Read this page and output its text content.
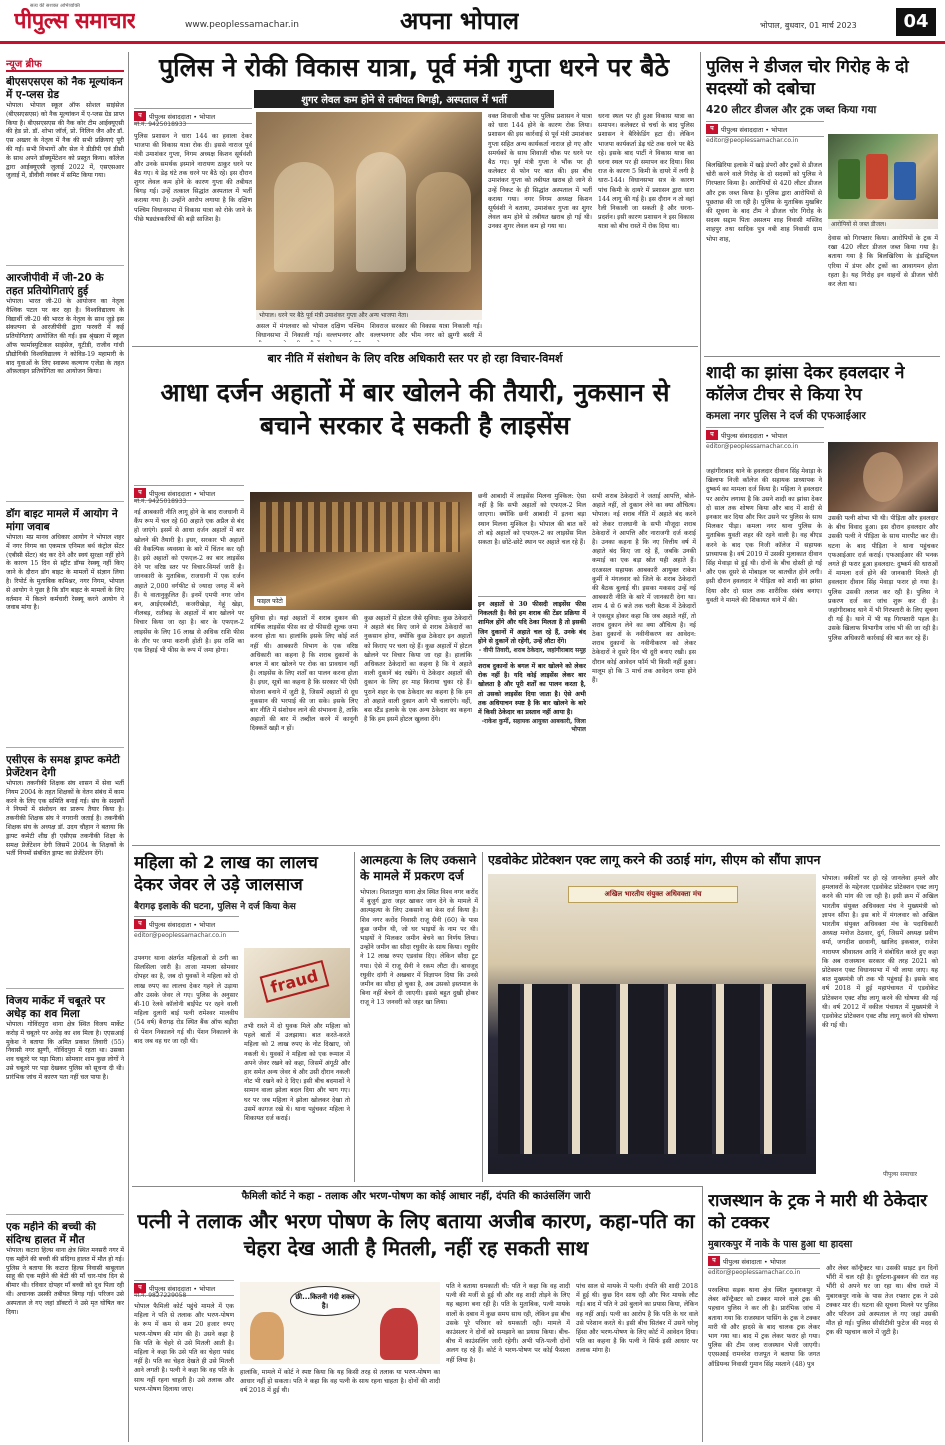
सत्य की सशक्त अभिव्यक्ति
पीपुल्स समाचार	www.peoplessamachar.in	अपना भोपाल	भोपाल, बुधवार, 01 मार्च 2023	04
न्यूज ब्रीफ
बीएसएसएस को नैक मूल्यांकन में ए-प्लस ग्रेड
भोपाल। भोपाल स्कूल ऑफ सोशल साइंसेज (बीएसएसएस) को नैक मूल्यांकन में ए-प्लस ग्रेड प्राप्त किया है। बीएसएसएस की नैक कोर टीम आईक्यूएसी की हेड प्रो. डॉ. शोभा जॉर्ज, प्रो. निलिन जैन और डॉ. एस अख्तर के नेतृत्व में नैक की सभी प्रक्रियाएं पूरी की गईं। सभी विभागों और सेल ने डीडीपी एवं डीसी के साथ अपने डॉक्यूमेंटेशन को प्रस्तुत किया। कॉलेज द्वारा आईक्यूएसी जुलाई 2022 में, एसएसआर जुलाई में, डीवीवी नवंबर में समिट किया गया।
आरजीपीवी में जी-20 के तहत प्रतियोगिताएं हुई
भोपाल। भारत जी-20 के आयोजन का नेतृत्व वैश्विक पटल पर कर रहा है। विश्वविद्यालय के विद्यार्थी जी-20 की भारत के नेतृत्व के साथ जुड़े इस संकल्पना से आरजीपीवी द्वारा फरवरी में कई प्रतियोगिताएं आयोजित की गईं। इस श्रृंखला में स्कूल ऑफ फार्मास्युटिकल साइंसेज, यूटीडी, राजीव गांधी प्रौद्योगिकी विश्वविद्यालय ने कोविड-19 महामारी के बाद युवाओं के लिए स्वास्थ्य कल्याण एजेंडा के तहत ऑफ़लाइन प्रतियोगिता का आयोजन किया।
डॉग बाइट मामले में आयोग ने मांगा जवाब
भोपाल। मप्र मानव अधिकार आयोग ने भोपाल शहर में नगर निगम का एकमात्र एनिमल बर्थ कंट्रोल सेंटर (एबीसी सेंटर) बंद कर देने और स्वयं सुरक्षा नहीं होने के कारण 15 दिन से स्ट्रीट डॉग्स रेस्क्यू नहीं किए जाने के दौरान डॉग बाइट के मामलों में संज्ञान लिया है। रिपोर्ट के मुताबिक कमिश्नर, नगर निगम, भोपाल से आयोग ने पूछा है कि डॉग बाइट के मामलों के लिए वर्तमान में कितने कर्मचारी रेस्क्यू करने आयोग ने जवाब मांगा है।
एसीएस के समक्ष ड्राफ्ट कमेटी प्रेजेंटेशन देगी
भोपाल। तकनीकी शिक्षक संघ शासन में सेवा भर्ती नियम 2004 के तहत शिक्षकों के वेतन संबंध में काम करने के लिए एक समिति बनाई गई। संघ के सदस्यों ने नियमों में संशोधन का प्रारूप तैयार किया है। तकनीकी शिक्षक संघ ने नगरानी जताई है। तकनीकी शिक्षक संघ के अध्यक्ष डॉ. उदय चौहान ने बताया कि ड्राफ्ट कमेटी शीघ्र ही एसीएस तकनीकी शिक्षा के समक्ष प्रेजेंटेशन देगी जिसमें 2004 के शिक्षकों के भर्ती नियमों संबंधित ड्राफ्ट का प्रेजेंटेशन देंगे।
विजय मार्केट में चबूतरे पर अधेड़ का शव मिला
भोपाल। गोविंदपुरा थाना क्षेत्र स्थित विजय मार्केट करोड़ में चबूतरे पर अधेड़ का शव मिला है। एएसआई मुकेश ने बताया कि अमित प्रकाश तिवारी (55) निवासी नगर झुग्गी, गोविंदपुरा में रहता था। उसका शव चबूतरे पर पड़ा मिला। सोमवार शाम कुछ लोगों ने उसे चबूतरे पर पड़ा देखकर पुलिस को सूचना दी थी। प्रारंभिक जांच में कारण पता नहीं चल पाया है।
एक महीने की बच्ची की संदिग्ध हालत में मौत
भोपाल। कटारा हिल्स थाना क्षेत्र स्थित मनसरी नगर में एक महीने की बच्ची की संदिग्ध हालत में मौत हो गई। पुलिस ने बताया कि कटारा हिल्स निवासी बाबूलाल साहू की एक महीने की बेटी की माँ चार-पांच दिन से बीमार थी। रविवार दोपहर माँ बच्ची को दूध पिला रही थी। अचानक उसकी तबीयत बिगड़ गई। परिजन उसे अस्पताल ले गए जहां डॉक्टरों ने उसे मृत घोषित कर दिया।
पुलिस ने रोकी विकास यात्रा, पूर्व मंत्री गुप्ता धरने पर बैठे
शुगर लेवल कम होने से तबीयत बिगड़ी, अस्पताल में भर्ती
प	पीपुल्स संवाददाता • भोपाल
मो.नं. 9425018933
पुलिस प्रशासन ने धारा 144 का हवाला देकर भाजपा की विकास यात्रा रोक दी। इससे नाराज पूर्व मंत्री उमाशंकर गुप्ता, निगम अध्यक्ष किशन सूर्यवंशी और उनके समर्थक इस्माने नारायण ठाकुर धरने पर बैठ गए। ये डेढ़ घंटे तक धरने पर बैठे रहे। इस दौरान शुगर लेवल कम होने के कारण गुप्ता की तबीयत बिगड़ गई। उन्हें तत्काल सिद्धांत अस्पताल में भर्ती कराया गया है। उन्होंने आरोप लगाया है कि दक्षिण पश्चिम विधानसभा में विकास यात्रा को रोके जाने के पीछे षड्यंत्रकारियों की बड़ी साजिश है।
भोपाल। धरने पर बैठे पूर्व मंत्री उमाशंकर गुप्ता और अन्य भाजपा नेता।
असल में मंगलवार को भोपाल दक्षिण पश्चिम विधानसभा में निकाली गई। वल्लभनगर और
शिवराज सरकार की विकास यात्रा निकाली गई। वल्लभनगर और भीम नगर को झुग्गी बस्ती में
वक्त शिवाजी चौक पर पुलिस प्रशासन ने यात्रा को धारा 144 होने के कारण रोक लिया। प्रशासन की इस कार्रवाई से पूर्व मंत्री उमाशंकर गुप्ता सहित अन्य कार्यकर्ता नाराज हो गए और समर्थकों के साथ शिवाजी चौक पर धरने पर बैठ गए। पूर्व मंत्री गुप्ता ने भौंक पर ही कलेक्टर से फोन पर बात की। इस बीच उमाशंकर गुप्ता को तबीयत खराब हो जाने से उन्हें निकट के ही सिद्धांत अस्पताल में भर्ती कराया गया। नगर निगम अध्यक्ष किशन सूर्यवंशी ने बताया, उमाशंकर गुप्ता का शुगर लेवल कम होने से तबीयत खराब हो गई थी। उनका शुगर लेवल कम हो गया था।
धरना स्थल पर ही हुआ विकास यात्रा का समापन। कलेक्टर से चर्चा के बाद पुलिस प्रशासन ने बैरिकेडिंग हटा दी। लेकिन भाजपा कार्यकर्ता डेढ़ घंटे तक धरने पर बैठे रहे। इसके बाद पार्टी ने विकास यात्रा का धरना स्थल पर ही समापन कर दिया। विस राज के कारण 5 किमी के दायरे में लगी है धारा-144। विधानसभा सत्र के कारण पांच किमी के दायरे में प्रशासन द्वारा धारा 144 लागू की गई है। इस दौरान न तो वहां रैली निकाली जा सकती है और धरना-प्रदर्शन। इसी कारण प्रशासन ने इस विकास यात्रा को बीच रास्ते में रोक दिया था।
पुलिस ने डीजल चोर गिरोह के दो सदस्यों को दबोचा
420 लीटर डीजल और ट्रक जब्त किया गया
प	पीपुल्स संवाददाता • भोपाल
editor@peoplessamachar.co.in
बिलखिरिया इलाके में खड़े डंपरों और ट्रकों से डीजल चोरी करने वाले गिरोह के दो सदस्यों को पुलिस ने गिरफ्तार किया है। आरोपियों से 420 लीटर डीजल और ट्रक जब्त किया है। पुलिस द्वारा आरोपियों से पूछताछ की जा रही है। पुलिस के मुताबिक मुखबिर की सूचना के बाद टीम ने डीजल चोर गिरोह के सदस्य सद्दाम पिता असलम शाह निवासी मस्जिद शाहपुर तथा सादिक पुत्र नबी शाह निवासी ग्राम भोपा शाह,
आरोपियों से जब्त डीजल।
देवास को गिरफ्तार किया। आरोपियों के ट्रक में रखा 420 लीटर डीजल जब्त किया गया है। बताया गया है कि बिलखिरिया के इंडस्ट्रियल एरिया में डंपर और ट्रकों का आवागमन होता रहता है। यह गिरोह इन वाहनों से डीजल चोरी कर लेता था।
शादी का झांसा देकर हवलदार ने कॉलेज टीचर से किया रेप
कमला नगर पुलिस ने दर्ज की एफआईआर
प	पीपुल्स संवाददाता • भोपाल
editor@peoplessamachar.co.in
जहांगीराबाद थाने के हवलदार दीवान सिंह मेवाड़ा के खिलाफ निजी कॉलेज की सहायक प्राध्यापक ने दुष्कर्म का मामला दर्ज किया है। महिला ने हवलदार पर आरोप लगाया है कि उसने शादी का झांसा देकर दो साल तक शोषण किया और बाद में शादी से इनकार कर दिया और फिर उसने पर पुलिस के साथ मिलकर पीड़ा। कमला नगर थाना पुलिस के मुताबिक युवती शहर की रहने वाली है। वह बीएड करने के बाद एक निजी कॉलेज में सहायक प्राध्यापक है। वर्ष 2019 में उसकी मुलाकात दीवान सिंह मेवाड़ा से हुई थी। दोनों के बीच दोस्ती हो गई और एक दूसरे से मोबाइल पर बातचीत होने लगी। इसी दौरान हवलदार ने पीड़िता को शादी का झांसा दिया और दो साल तक शारीरिक संबंध बनाए। युवती ने मामले की शिकायत थाने में की।
उसकी पत्नी शोभा भी थी। पीड़िता और हवलदार के बीच विवाद हुआ। इस दौरान हवलदार और उसकी पत्नी ने पीड़िता के साथ मारपीट कर दी। घटना के बाद पीड़िता ने थाना पहुंचकर एफआईआर दर्ज कराई। एफआईआर की भनक लगते ही फरार हुआ हवलदार: दुष्कर्म की धाराओं में मामला दर्ज होने की जानकारी मिलते ही हवलदार दीवान सिंह मेवाड़ा फरार हो गया है। पुलिस उसकी तलाश कर रही है। पुलिस ने प्रकरण दर्ज कर जांच शुरू कर दी है। जहांगीराबाद थाने में भी गिरफ्तारी के लिए सूचना दी गई है। थाने में भी यह गिरफ्तारी पहल है। उसके खिलाफ विभागीय जांच भी की जा रही है। पुलिस अधिकारी कार्रवाई की बात कर रहे हैं।
बार नीति में संशोधन के लिए वरिष्ठ अधिकारी स्तर पर हो रहा विचार-विमर्श
आधा दर्जन अहातों में बार खोलने की तैयारी, नुकसान से बचाने सरकार दे सकती है लाइसेंस
प	पीपुल्स संवाददाता • भोपाल
मो.नं. 9425018933
नई आबकारी नीति लागू होने के बाद राजधानी में कैंप रूप में चल रहे 60 अहाते एक अप्रैल से बंद हो जाएंगे। इसमें से आधा दर्जन अहातों में बार खोलने की तैयारी है। इधर, सरकार भी अहातों की वैकल्पिक व्यवस्था के बारे में चिंतन कर रही है। इसे अहातों को एफएल-2 का बार लाइसेंस देने पर वरिष्ठ स्तर पर विचार-विमर्श जारी है। जानकारी के मुताबिक, राजधानी में एक दर्जन अहाते 2,000 वर्गफीट से ज्यादा जगह में बने हैं। ये वातानुकूलित हैं। इनमें एमपी नगर जोन बन, आईएसबीटी, कजरीखेड़ा, गेहूं खेड़ा, नीलबड़, रातीबड़ के अहातों में बार खोलने पर विचार किया जा रहा है। बार के एफएल-2 लाइसेंस के लिए 16 लाख से अधिक राशि फीस के तौर पर जमा करानी होती है। इस राशि का एक तिहाई भी फीस के रूप में जमा होगा।
फाइल फोटो
सुविधा हो। यहां अहातों में शराब दुकान की वार्षिक लाइसेंस फीस का दो फीसदी शुल्क जमा करना होता था। हालांकि इसके लिए कोई शर्त नहीं थी। आबकारी विभाग के एक वरिष्ठ अधिकारी का कहना है कि शराब दुकानों के बगल में बार खोलने पर रोक का प्रावधान नहीं है। लाइसेंस के लिए शर्तों का पालन करना होता है। इधर, सूत्रों का कहना है कि सरकार भी ऐसी योजना बनाने में जुटी है, जिसमें अहातों से दूध नुकसान की भरपाई की जा सके। इसके लिए बार नीति में संशोधन लाने की संभावना है, ताकि अहातों की बार में तब्दील करने में कानूनी दिक्कतें खड़ी न हों।
कुछ अहातों में होटल जैसे सुविधा: कुछ ठेकेदारों ने अहाते बंद किए जाने से शराब ठेकेदारों का नुकसान होगा, क्योंकि कुछ ठेकेदार इन अहातों को किराए पर चला रहे हैं। कुछ अहातों में होटल खोलने पर विचार किया जा रहा है। हालांकि अधिकतर ठेकेदारों का कहना है कि ये अहाते वाली दुकानें बंद रखेंगे। ये ठेकेदार अहातों की दुकान के लिए हर माह किराया चुका रहे हैं। पुराने शहर के एक ठेकेदार का कहना है कि हम तो अहाते वाली दुकान आगे भी चलाएंगे। वहीं, बस स्टैंड इलाके के एक अन्य ठेकेदार का कहना है कि हम इसमें होटल खुलवा देंगे।
छनी आबादी में लाइसेंस मिलना मुश्किल: ऐसा नहीं है कि सभी अहातों को एफएल-2 मिल जाएगा। क्योंकि छनी आबादी में इतना बड़ा स्थान मिलना मुश्किल है। भोपाल की बात करें तो बड़े अहातों को एफएल-2 का लाइसेंस मिल सकता है। छोटे-छोटे स्थान पर अहाते चल रहे हैं।
इन अहातों से 30 फीसदी लाइसेंस फीस निकलती है। वैसे हम शराब की टेंडर प्रक्रिया में शामिल होंगे और यदि ठेका मिलता है तो इसकी जिन दुकानों में अहाते चल रहे हैं, उनके बंद होने से दुकानें तो रहेंगी, उन्हें लौटा देंगे।
- वीपी तिवारी, शराब ठेकेदार, जहांगीराबाद समूह
शराब दुकानों के बगल में बार खोलने को लेकर रोक नहीं है। यदि कोई लाइसेंस लेकर बार खोलता है और पूरी शर्तों का पालन करता है, तो उसको लाइसेंस दिया जाता है। ऐसे अभी तक अधियाचन स्पष्ट है कि बार खोलने के बारे में किसी ठेकेदार का प्रस्ताव नहीं आया है।
-राकेश कुर्मी, सहायक आयुक्त आबकारी, जिला भोपाल
सभी शराब ठेकेदारों ने जताई आपत्ति, बोले- अहाते नहीं, तो दुकान लेने का क्या औचित्य। भोपाल। नई शराब नीति में अहाते बंद करने को लेकर राजधानी के सभी मौजूदा शराब ठेकेदारों ने आपत्ति और नाराजगी दर्ज कराई है। उनका कहना है कि नए वित्तीय वर्ष में अहाते बंद किए जा रहे हैं, जबकि उनकी कमाई का एक बड़ा स्रोत यही अहाते हैं। दरअसल सहायक आबकारी आयुक्त राकेश कुर्मी ने मंगलवार को जिले के शराब ठेकेदारों की बैठक बुलाई थी। इसका मकसद उन्हें नई आबकारी नीति के बारे में जानकारी देना था। शाम 4 से 6 बजे तक चली बैठक में ठेकेदारों ने एकसूत्र होकर कहा कि जब अहाते नहीं, तो शराब दुकान लेने का क्या औचित्य है। नई ठेका दुकानों के नवीनीकरण का आवेदन: शराब दुकानों के नवीनीकरण को लेकर ठेकेदारों ने दूसरे दिन भी दूरी बनाए रखी। इस दौरान कोई आवेदन फॉर्म भी किसी नहीं हुआ। मालूम हो कि 3 मार्च तक आवेदन जमा होने हैं।
महिला को 2 लाख का लालच देकर जेवर ले उड़े जालसाज
बैरागढ़ इलाके की घटना, पुलिस ने दर्ज किया केस
प	पीपुल्स संवाददाता • भोपाल
editor@peoplessamachar.co.in
उपनगर थाना अंतर्गत महिलाओं से ठगी का सिलसिला जारी है। ताजा मामला सोमवार दोपहर का है, जब दो युवकों ने महिला को दो लाख रुपए का लालच देकर गहने ले उड़ाया और उसके जेवर ले गए। पुलिस के अनुसार बी-10 रेलवे कॉलोनी बाईंपेट पर रहने वाली महिला दुलारी बाई पत्नी रामेश्वर मालवीय (54 वर्ष) बैरागढ़ रोड स्थित बैंक ऑफ बड़ौदा से पेंशन निकालने गई थी। पेंशन निकालने के बाद जब वह घर जा रही थी।
fraud
तभी रास्ते में दो युवक मिले और महिला को पहले बातों में उलझाया। बात करते-करते महिला को 2 लाख रुपए के नोट दिखाए, जो नकली थे। युवकों ने महिला को एक रूमाल में अपने जेवर रखने को कहा, जिसमें अंगूठी और हार समेत अन्य जेवर थे और उसी दौरान नकली नोट भी रखने को दे दिए। इसी बीच बदमाशों ने सामान वाला झोला बदल दिया और भाग गए। घर पर जब महिला ने झोला खोलकर देखा तो उसमें कागज रखे थे। थाना पहुंचकर महिला ने शिकायत दर्ज कराई।
आत्महत्या के लिए उकसाने के मामले में प्रकरण दर्ज
भोपाल। निशातपुरा थाना क्षेत्र स्थित विश्व नगर करोंद में बुजुर्ग द्वारा जहर खाकर जान देने के मामले में आत्महत्या के लिए उकसाने का केस दर्ज किया है। शिव नगर करोंद निवासी राजू सैनी (60) के पास कुछ जमीन थी, जो घर भाइयों के नाम पर थी। भाइयों ने मिलकर जमीन बेचने का निर्णय लिया। उन्होंने जमीन का सौदा रघुवीर के साथ किया। रघुवीर ने 12 लाख रुपए एडवांस दिए। लेकिन सौदा टूट गया। ऐसे में राजू सैनी ने रकम लौटा दी। बावजूद रघुवीर दांगी ने अखबार में विज्ञापन दिया कि उनसे जमीन का सौदा हो चुका है, अब उसको इस्तमाल के बिना नहीं बेचने दी जाएगी। इससे बहुत दुखी होकर राजू ने 13 जनवरी को जहर खा लिया।
एडवोकेट प्रोटेक्शन एक्ट लागू करने की उठाई मांग, सीएम को सौंपा ज्ञापन
अखिल भारतीय संयुक्त अधिवक्ता मंच
भोपाल। वकीलों पर हो रहे जानलेवा हमले और हमलावरों के मद्देनजर एडवोकेट प्रोटेक्शन एक्ट लागू करने की मांग की जा रही है। इसी क्रम में अखिल भारतीय संयुक्त अधिवक्ता मंच ने मुख्यमंत्री को ज्ञापन सौंपा है। इस बारे में मंगलवार को अखिल भारतीय संयुक्त अधिवक्ता मंच के पदाधिकारी अध्यक्ष मनोज ठेठवार, दुर्ग, जिसमें अध्यक्ष प्रवीण वर्मा, जगदीश छावानी, खालिद इकबाल, राजेश नारायण श्रीवास्तव आदि ने संबोधित करते हुए कहा कि अब राजस्थान सरकार की तरह 2021 को प्रोटेक्शन एक्ट विधानसभा में भी लाया जाए। यह बात मुख्यमंत्री जी तक भी पहुंचाई है। इसके बाद वर्ष 2018 में हुई महापंचायत में एडवोकेट प्रोटेक्शन एक्ट शीघ्र लागू करने की घोषणा की गई थी। वर्ष 2012 में वकील पंचायत में मुख्यमंत्री ने एडवोकेट प्रोटेक्शन एक्ट शीघ्र लागू करने की घोषणा की गई थी।
पीपुल्स समाचार
फैमिली कोर्ट ने कहा - तलाक और भरण-पोषण का कोई आधार नहीं, दंपति की काउंसलिंग जारी
पत्नी ने तलाक और भरण पोषण के लिए बताया अजीब कारण, कहा-पति का चेहरा देख आती है मितली, नहीं रह सकती साथ
प	पीपुल्स संवाददाता • भोपाल
मो.नं. 9827229058
भोपाल फैमिली कोर्ट पहुंचे मामले में एक महिला ने पति से तलाक और भरण-पोषण के रूप में कम से कम 20 हजार रुपए भरण-पोषण की मांग की है। उसने कहा है कि पति के चेहरे से उसे मितली आती है। महिला ने कहा कि उसे पति का चेहरा पसंद नहीं है। पति का चेहरा देखते ही उसे मितली आने लगती है। पत्नी ने कहा कि वह पति के साथ नहीं रहना चाहती है। उसे तलाक और भरण-पोषण दिलाया जाए।
छी...कितनी गंदी शक्ल है।
हालांकि, मामले में कोर्ट ने स्पष्ट किया कि यह किसी तरह से तलाक या भरण-पोषण का आधार नहीं हो सकता। पति ने कहा कि वह पत्नी के साथ रहना चाहता है। दोनों की शादी वर्ष 2018 में हुई थी।
पति ने बताया धमकाती थी: पति ने कहा कि वह शादी पत्नी की मर्जी से हुई थी और वह शादी तोड़ने के लिए यह बहाना बना रही है। पति के मुताबिक, पत्नी मायके वालों के दबाव में कुछ समय साथ रही, लेकिन इस बीच उसके पूरे परिवार को धमकाती रही। मामले में काउंसलर ने दोनों को समझाने का प्रयास किया। बीच-बीच में काउंसलिंग जारी रहेगी। अभी पति-पत्नी दोनों अलग रह रहे हैं। कोर्ट ने भरण-पोषण पर कोई फैसला नहीं लिया है।
पांच साल से मायके में पत्नी। दंपति की शादी 2018 में हुई थी। कुछ दिन साथ रही और फिर मायके लौट गई। बाद में पति ने उसे बुलाने का प्रयास किया, लेकिन वह नहीं आई। पत्नी का आरोप है कि पति के घर वाले उसे परेशान करते थे। इसी बीच सितंबर में उसने घरेलू हिंसा और भरण-पोषण के लिए कोर्ट में आवेदन दिया। पति का कहना है कि पत्नी ने सिर्फ इसी आधार पर तलाक मांगा है।
राजस्थान के ट्रक ने मारी थी ठेकेदार को टक्कर
मुबारकपुर में नाके के पास हुआ था हादसा
प	पीपुल्स संवादाता • भोपाल
editor@peoplessamachar.co.in
परवलिया सड़क थाना क्षेत्र स्थित मुबारकपुर में लेबर कॉन्ट्रैक्टर को टक्कर मारने वाले ट्रक की पहचान पुलिस ने कर ली है। प्रारंभिक जांच में बताया गया कि राजस्थान पासिंग के ट्रक ने टक्कर मारी थी और हादसे के बाद चालक ट्रक लेकर भाग गया था। बाद में ट्रक लेकर फरार हो गया। पुलिस की टीम जल्द राजस्थान भेजी जाएगी। एएसआई रामनरेश राजपूत ने बताया कि जगत ऑडियन्स निवासी गुमान सिंह मस्ताने (48) पुत्र
और लेबर कॉन्ट्रैक्टर था। उसकी साइट इन दिनों भौंरी में चल रही है। दुर्घटना-डुबकन की रात वह भौंरी से अपने घर जा रहा था। बीच रास्ते में मुबारकपुर नाके के पास तेज रफ्तार ट्रक ने उसे टक्कर मार दी। घटना की सूचना मिलने पर पुलिस और परिजन उसे अस्पताल ले गए जहां उसकी मौत हो गई। पुलिस सीसीटीवी फुटेज की मदद से ट्रक की पहचान करने में जुटी है।
